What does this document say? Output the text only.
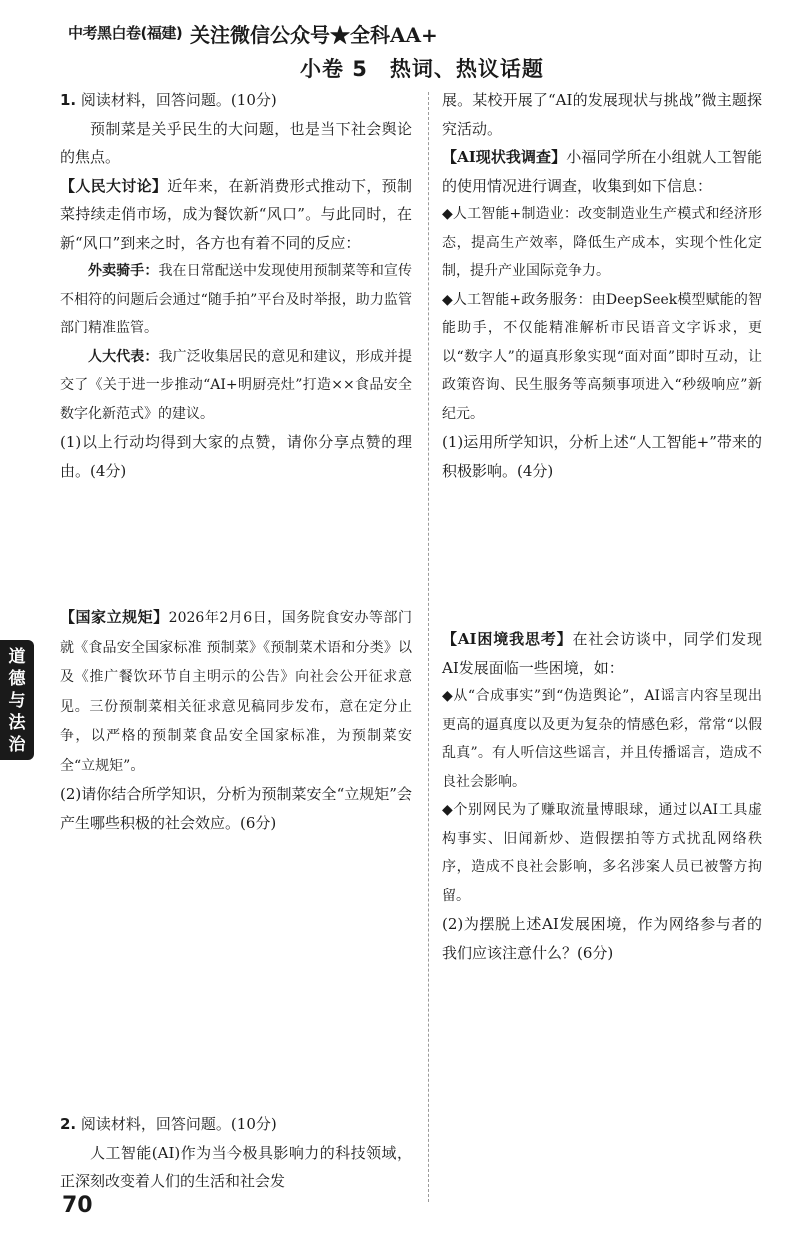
中考黑白卷(福建) 关注微信公众号★全科AA+
小卷 5　热词、热议话题
1. 阅读材料，回答问题。(10分)
预制菜是关乎民生的大问题，也是当下社会舆论的焦点。
【人民大讨论】近年来，在新消费形式推动下，预制菜持续走俏市场，成为餐饮新“风口”。与此同时，在新“风口”到来之时，各方也有着不同的反应：
外卖骑手：我在日常配送中发现使用预制菜等和宣传不相符的问题后会通过“随手拍”平台及时举报，助力监管部门精准监管。
人大代表：我广泛收集居民的意见和建议，形成并提交了《关于进一步推动“AI+明厨亮灶”打造××食品安全数字化新范式》的建议。
(1)以上行动均得到大家的点赞，请你分享点赞的理由。(4分)
【国家立规矩】2026年2月6日，国务院食安办等部门就《食品安全国家标准 预制菜》《预制菜术语和分类》以及《推广餐饮环节自主明示的公告》向社会公开征求意见。三份预制菜相关征求意见稿同步发布，意在定分止争，以严格的预制菜食品安全国家标准，为预制菜安全“立规矩”。
(2)请你结合所学知识，分析为预制菜安全“立规矩”会产生哪些积极的社会效应。(6分)
展。某校开展了“AI的发展现状与挑战”微主题探究活动。
【AI现状我调查】小福同学所在小组就人工智能的使用情况进行调查，收集到如下信息：
◆人工智能+制造业：改变制造业生产模式和经济形态，提高生产效率，降低生产成本，实现个性化定制，提升产业国际竞争力。
◆人工智能+政务服务：由DeepSeek模型赋能的智能助手，不仅能精准解析市民语音文字诉求，更以“数字人”的逼真形象实现“面对面”即时互动，让政策咨询、民生服务等高频事项进入“秒级响应”新纪元。
(1)运用所学知识，分析上述“人工智能+”带来的积极影响。(4分)
【AI困境我思考】在社会访谈中，同学们发现AI发展面临一些困境，如：
◆从“合成事实”到“伪造舆论”，AI谣言内容呈现出更高的逼真度以及更为复杂的情感色彩，常常“以假乱真”。有人听信这些谣言，并且传播谣言，造成不良社会影响。
◆个别网民为了赚取流量博眼球，通过以AI工具虚构事实、旧闻新炒、造假摆拍等方式扰乱网络秩序，造成不良社会影响，多名涉案人员已被警方拘留。
(2)为摆脱上述AI发展困境，作为网络参与者的我们应该注意什么？(6分)
2. 阅读材料，回答问题。(10分)
人工智能(AI)作为当今极具影响力的科技领域，正深刻改变着人们的生活和社会发
70
道
德
与
法
治
